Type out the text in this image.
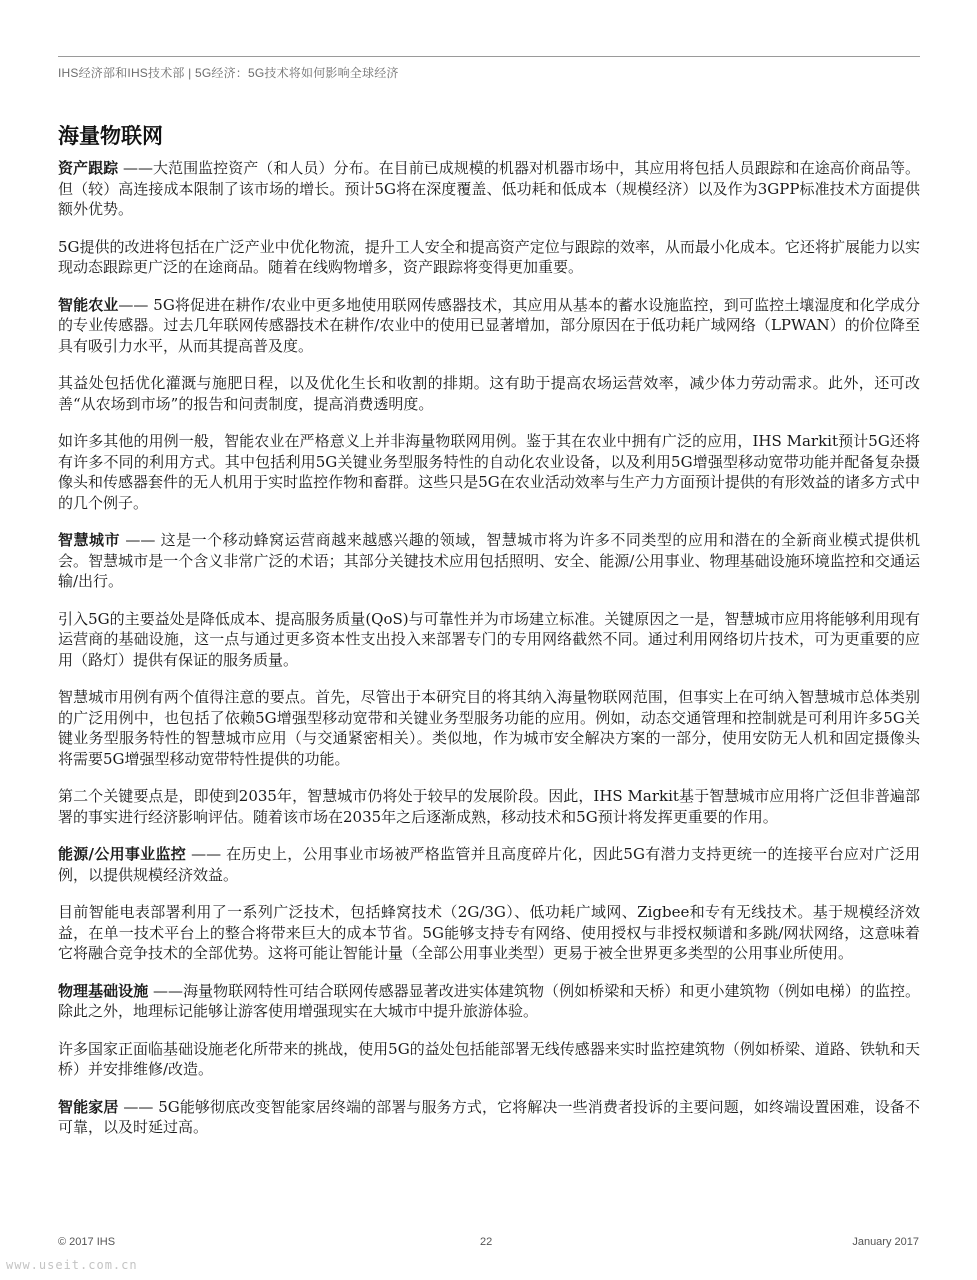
IHS经济部和IHS技术部 | 5G经济：5G技术将如何影响全球经济
海量物联网

资产跟踪 ——大范围监控资产（和人员）分布。在目前已成规模的机器对机器市场中，其应用将包括人员跟踪和在途高价商品等。但（较）高连接成本限制了该市场的增长。预计5G将在深度覆盖、低功耗和低成本（规模经济）以及作为3GPP标准技术方面提供额外优势。

5G提供的改进将包括在广泛产业中优化物流，提升工人安全和提高资产定位与跟踪的效率，从而最小化成本。它还将扩展能力以实现动态跟踪更广泛的在途商品。随着在线购物增多，资产跟踪将变得更加重要。

智能农业—— 5G将促进在耕作/农业中更多地使用联网传感器技术，其应用从基本的蓄水设施监控，到可监控土壤湿度和化学成分的专业传感器。过去几年联网传感器技术在耕作/农业中的使用已显著增加，部分原因在于低功耗广域网络（LPWAN）的价位降至具有吸引力水平，从而其提高普及度。

其益处包括优化灌溉与施肥日程，以及优化生长和收割的排期。这有助于提高农场运营效率，减少体力劳动需求。此外，还可改善“从农场到市场”的报告和问责制度，提高消费透明度。

如许多其他的用例一般，智能农业在严格意义上并非海量物联网用例。鉴于其在农业中拥有广泛的应用，IHS Markit预计5G还将有许多不同的利用方式。其中包括利用5G关键业务型服务特性的自动化农业设备，以及利用5G增强型移动宽带功能并配备复杂摄像头和传感器套件的无人机用于实时监控作物和畜群。这些只是5G在农业活动效率与生产力方面预计提供的有形效益的诸多方式中的几个例子。

智慧城市 —— 这是一个移动蜂窝运营商越来越感兴趣的领域，智慧城市将为许多不同类型的应用和潜在的全新商业模式提供机会。智慧城市是一个含义非常广泛的术语；其部分关键技术应用包括照明、安全、能源/公用事业、物理基础设施环境监控和交通运输/出行。

引入5G的主要益处是降低成本、提高服务质量(QoS)与可靠性并为市场建立标准。关键原因之一是，智慧城市应用将能够利用现有运营商的基础设施，这一点与通过更多资本性支出投入来部署专门的专用网络截然不同。通过利用网络切片技术，可为更重要的应用（路灯）提供有保证的服务质量。

智慧城市用例有两个值得注意的要点。首先，尽管出于本研究目的将其纳入海量物联网范围，但事实上在可纳入智慧城市总体类别的广泛用例中，也包括了依赖5G增强型移动宽带和关键业务型服务功能的应用。例如，动态交通管理和控制就是可利用许多5G关键业务型服务特性的智慧城市应用（与交通紧密相关）。类似地，作为城市安全解决方案的一部分，使用安防无人机和固定摄像头将需要5G增强型移动宽带特性提供的功能。

第二个关键要点是，即使到2035年，智慧城市仍将处于较早的发展阶段。因此，IHS Markit基于智慧城市应用将广泛但非普遍部署的事实进行经济影响评估。随着该市场在2035年之后逐渐成熟，移动技术和5G预计将发挥更重要的作用。

能源/公用事业监控 —— 在历史上，公用事业市场被严格监管并且高度碎片化，因此5G有潜力支持更统一的连接平台应对广泛用例，以提供规模经济效益。

目前智能电表部署利用了一系列广泛技术，包括蜂窝技术（2G/3G）、低功耗广域网、Zigbee和专有无线技术。基于规模经济效益，在单一技术平台上的整合将带来巨大的成本节省。5G能够支持专有网络、使用授权与非授权频谱和多跳/网状网络，这意味着它将融合竞争技术的全部优势。这将可能让智能计量（全部公用事业类型）更易于被全世界更多类型的公用事业所使用。

物理基础设施 ——海量物联网特性可结合联网传感器显著改进实体建筑物（例如桥梁和天桥）和更小建筑物（例如电梯）的监控。除此之外，地理标记能够让游客使用增强现实在大城市中提升旅游体验。

许多国家正面临基础设施老化所带来的挑战，使用5G的益处包括能部署无线传感器来实时监控建筑物（例如桥梁、道路、铁轨和天桥）并安排维修/改造。

智能家居 —— 5G能够彻底改变智能家居终端的部署与服务方式，它将解决一些消费者投诉的主要问题，如终端设置困难，设备不可靠，以及时延过高。

© 2017 IHS	22	January 2017
www.useit.com.cn
